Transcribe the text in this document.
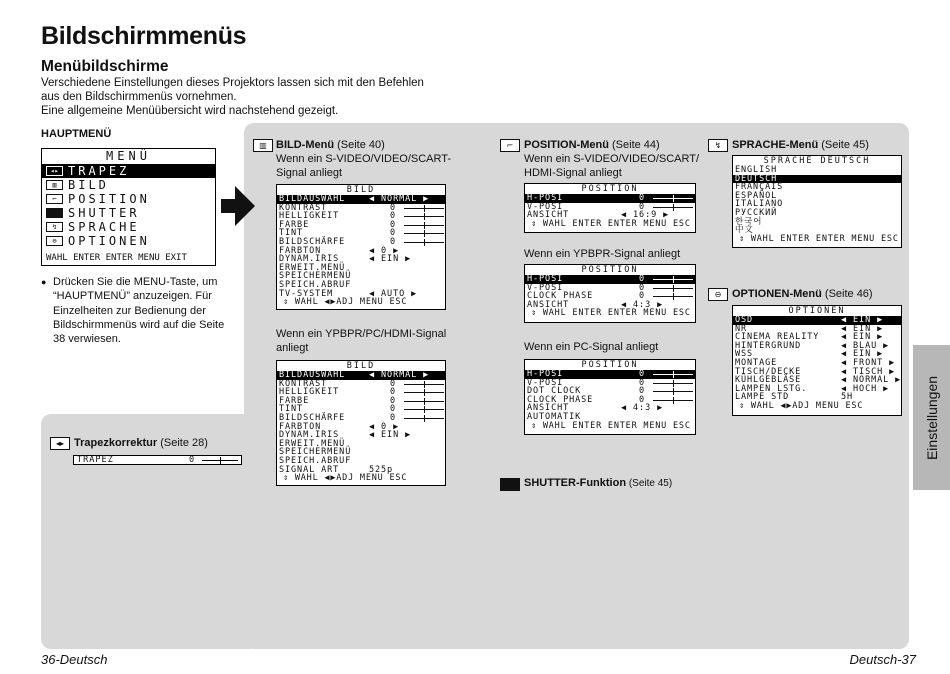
Bildschirmmenüs
Menübildschirme
Verschiedene Einstellungen dieses Projektors lassen sich mit den Befehlen
aus den Bildschirmmenüs vornehmen.
Eine allgemeine Menüübersicht wird nachstehend gezeigt.
HAUPTMENÜ
MENÜ
◂▸ TRAPEZ
▥ BILD
⌐ POSITION
SHUTTER
↯ SPRACHE
⊖ OPTIONEN
WAHL ENTER ENTER MENU EXIT
● Drücken Sie die MENU-Taste, um “HAUPTMENÜ” anzuzeigen. Für Einzelheiten zur Bedienung der Bildschirmmenüs wird auf die Seite 38 verwiesen.
◂▸ Trapezkorrektur (Seite 28)
TRAPEZ	0
▥ BILD-Menü (Seite 40)
Wenn ein S-VIDEO/VIDEO/SCART-
Signal anliegt
BILD
BILDAUSWAHL	◀ NORMAL ▶
KONTRAST	0
HELLIGKEIT	0
FARBE	0
TINT	0
BILDSCHÄRFE	0
FARBTON	◀ 0 ▶
DYNAM.IRIS	◀ EIN ▶
ERWEIT.MENÜ
SPEICHERMENÜ
SPEICH.ABRUF
TV-SYSTEM	◀ AUTO ▶
⇕ WAHL ◀▶ADJ MENU ESC
Wenn ein YPBPR/PC/HDMI-Signal
anliegt
BILD
BILDAUSWAHL	◀ NORMAL ▶
KONTRAST	0
HELLIGKEIT	0
FARBE	0
TINT	0
BILDSCHÄRFE	0
FARBTON	◀ 0 ▶
DYNAM.IRIS	◀ EIN ▶
ERWEIT.MENÜ
SPEICHERMENÜ
SPEICH.ABRUF
SIGNAL ART	525p
⇕ WAHL ◀▶ADJ MENU ESC
⌐ POSITION-Menü (Seite 44)
Wenn ein S-VIDEO/VIDEO/SCART/
HDMI-Signal anliegt
POSITION
H-POSI	0
V-POSI	0
ANSICHT	◀ 16:9 ▶
⇕ WAHL ENTER ENTER MENU ESC
Wenn ein YPBPR-Signal anliegt
POSITION
H-POSI	0
V-POSI	0
CLOCK PHASE	0
ANSICHT	◀ 4:3 ▶
⇕ WAHL ENTER ENTER MENU ESC
Wenn ein PC-Signal anliegt
POSITION
H-POSI	0
V-POSI	0
DOT CLOCK	0
CLOCK PHASE	0
ANSICHT	◀ 4:3 ▶
AUTOMATIK
⇕ WAHL ENTER ENTER MENU ESC
SHUTTER-Funktion (Seite 45)
↯ SPRACHE-Menü (Seite 45)
SPRACHE DEUTSCH
ENGLISH
DEUTSCH
FRANÇAIS
ESPAÑOL
ITALIANO
РУССКИЙ
한국어
中文
⇕ WAHL ENTER ENTER MENU ESC
⊖ OPTIONEN-Menü (Seite 46)
OPTIONEN
OSD	◀ EIN ▶
NR	◀ EIN ▶
CINEMA REALITY	◀ EIN ▶
HINTERGRUND	◀ BLAU ▶
WSS	◀ EIN ▶
MONTAGE	◀ FRONT ▶
TISCH/DECKE	◀ TISCH ▶
KÜHLGEBLÄSE	◀ NORMAL ▶
LAMPEN LSTG.	◀ HOCH ▶
LAMPE STD	5H
⇕ WAHL ◀▶ADJ MENU ESC	Einstellungen
36-Deutsch	Deutsch-37
